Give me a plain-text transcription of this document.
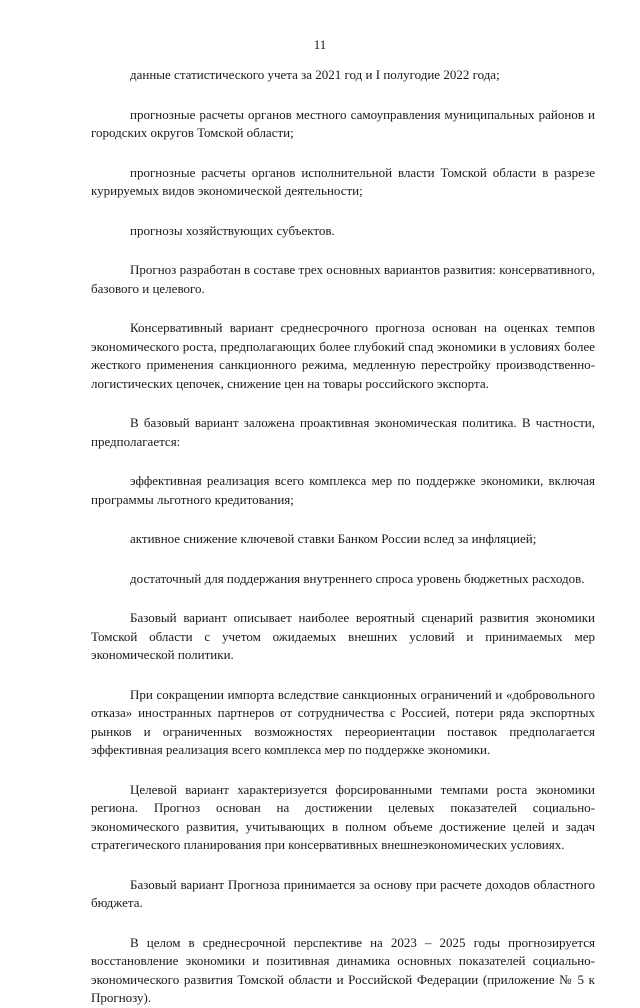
11

данные статистического учета за 2021 год и I полугодие 2022 года;

прогнозные расчеты органов местного самоуправления муниципальных районов и городских округов Томской области;

прогнозные расчеты органов исполнительной власти Томской области в разрезе курируемых видов экономической деятельности;

прогнозы хозяйствующих субъектов.

Прогноз разработан в составе трех основных вариантов развития: консервативного, базового и целевого.

Консервативный вариант среднесрочного прогноза основан на оценках темпов экономического роста, предполагающих более глубокий спад экономики в условиях более жесткого применения санкционного режима, медленную перестройку производственно-логистических цепочек, снижение цен на товары российского экспорта.

В базовый вариант заложена проактивная экономическая политика. В частности, предполагается:

эффективная реализация всего комплекса мер по поддержке экономики, включая программы льготного кредитования;

активное снижение ключевой ставки Банком России вслед за инфляцией;

достаточный для поддержания внутреннего спроса уровень бюджетных расходов.

Базовый вариант описывает наиболее вероятный сценарий развития экономики Томской области с учетом ожидаемых внешних условий и принимаемых мер экономической политики.

При сокращении импорта вследствие санкционных ограничений и «добровольного отказа» иностранных партнеров от сотрудничества с Россией, потери ряда экспортных рынков и ограниченных возможностях переориентации поставок предполагается эффективная реализация всего комплекса мер по поддержке экономики.

Целевой вариант характеризуется форсированными темпами роста экономики региона. Прогноз основан на достижении целевых показателей социально-экономического развития, учитывающих в полном объеме достижение целей и задач стратегического планирования при консервативных внешнеэкономических условиях.

Базовый вариант Прогноза принимается за основу при расчете доходов областного бюджета.

В целом в среднесрочной перспективе на 2023 – 2025 годы прогнозируется восстановление экономики и позитивная динамика основных показателей социально-экономического развития Томской области и Российской Федерации (приложение № 5 к Прогнозу).
